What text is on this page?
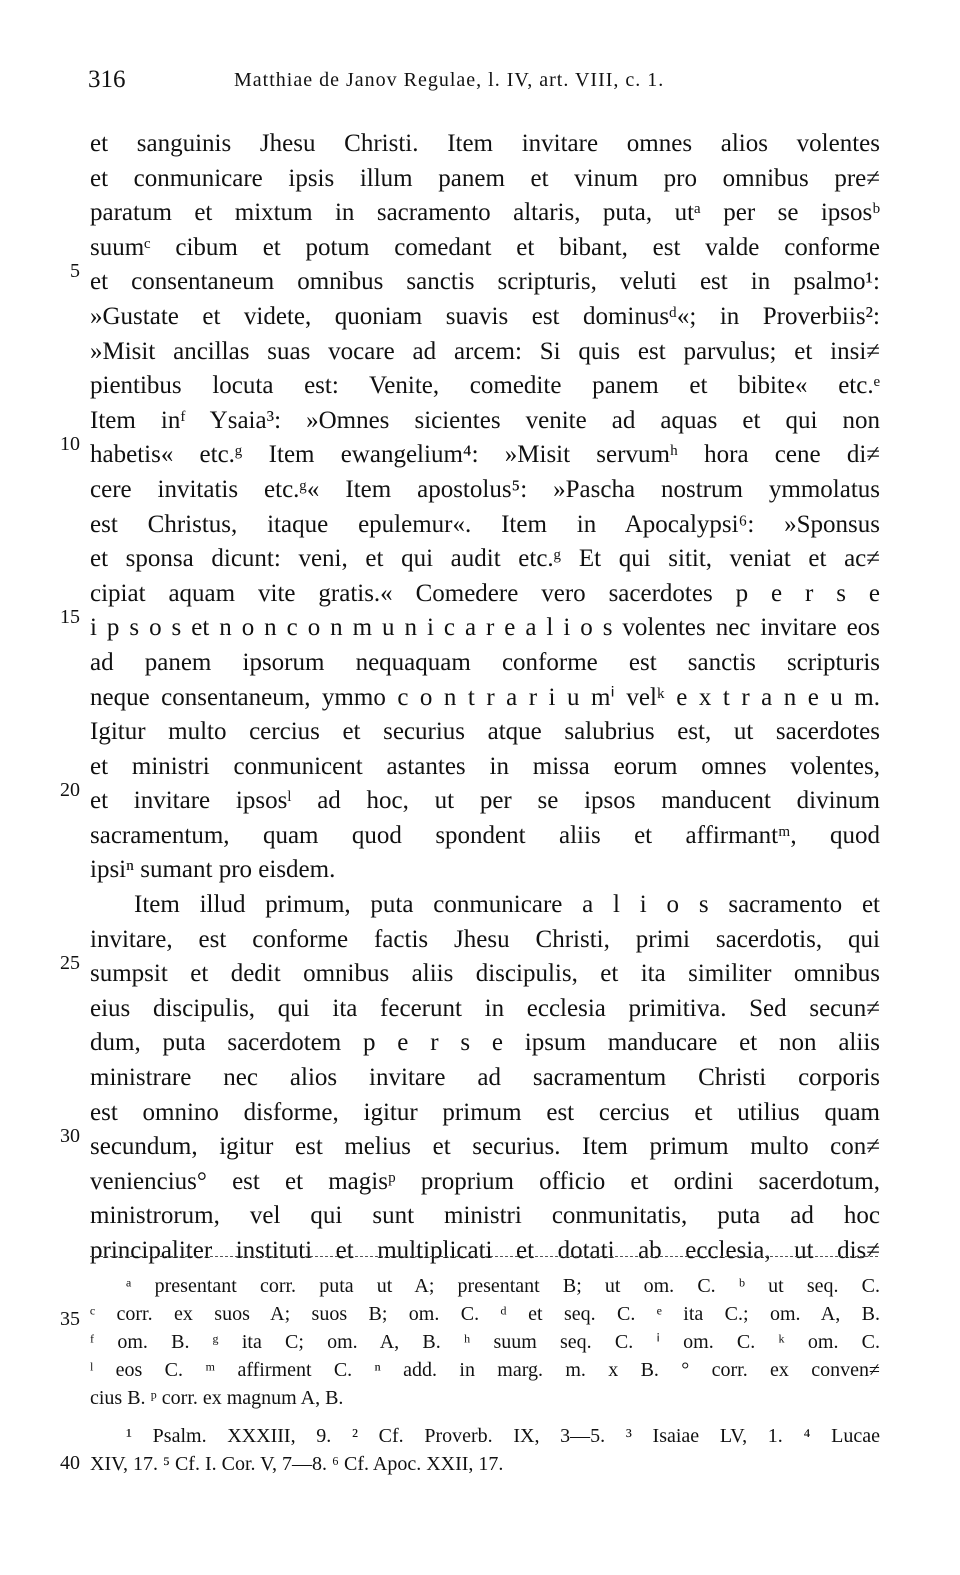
316	Matthiae de Janov Regulae, l. IV, art. VIII, c. 1.
5
10
15
20
25
30
35
40
et sanguinis Jhesu Christi. Item invitare omnes alios volentes
et conmunicare ipsis illum panem et vinum pro omnibus pre≠
paratum et mixtum in sacramento altaris, puta, utᵃ per se ipsosᵇ
suumᶜ cibum et potum comedant et bibant, est valde conforme
et consentaneum omnibus sanctis scripturis, veluti est in psalmo¹:
»Gustate et videte, quoniam suavis est dominusᵈ«; in Proverbiis²:
»Misit ancillas suas vocare ad arcem: Si quis est parvulus; et insi≠
pientibus locuta est: Venite, comedite panem et bibite« etc.ᵉ
Item inᶠ Ysaia³: »Omnes sicientes venite ad aquas et qui non
habetis« etc.ᵍ Item ewangelium⁴: »Misit servumʰ hora cene di≠
cere invitatis etc.ᵍ« Item apostolus⁵: »Pascha nostrum ymmolatus
est Christus, itaque epulemur«. Item in Apocalypsi⁶: »Sponsus
et sponsa dicunt: veni, et qui audit etc.ᵍ Et qui sitit, veniat et ac≠
cipiat aquam vite gratis.« Comedere vero sacerdotes p e r s e
i p s o s et n o n c o n m u n i c a r e a l i o s volentes nec invitare eos
ad panem ipsorum nequaquam conforme est sanctis scripturis
neque consentaneum, ymmo c o n t r a r i u mⁱ velᵏ e x t r a n e u m.
Igitur multo cercius et securius atque salubrius est, ut sacerdotes
et ministri conmunicent astantes in missa eorum omnes volentes,
et invitare ipsosˡ ad hoc, ut per se ipsos manducent divinum
sacramentum, quam quod spondent aliis et affirmantᵐ, quod
ipsiⁿ sumant pro eisdem.
Item illud primum, puta conmunicare a l i o s sacramento et
invitare, est conforme factis Jhesu Christi, primi sacerdotis, qui
sumpsit et dedit omnibus aliis discipulis, et ita similiter omnibus
eius discipulis, qui ita fecerunt in ecclesia primitiva. Sed secun≠
dum, puta sacerdotem p e r s e ipsum manducare et non aliis
ministrare nec alios invitare ad sacramentum Christi corporis
est omnino disforme, igitur primum est cercius et utilius quam
secundum, igitur est melius et securius. Item primum multo con≠
veniencius° est et magisᵖ proprium officio et ordini sacerdotum,
ministrorum, vel qui sunt ministri conmunitatis, puta ad hoc
principaliter instituti et multiplicati et dotati ab ecclesia, ut dis≠
ᵃ presentant corr. puta ut A; presentant B; ut om. C. ᵇ ut seq. C.
ᶜ corr. ex suos A; suos B; om. C. ᵈ et seq. C. ᵉ ita C.; om. A, B.
ᶠ om. B. ᵍ ita C; om. A, B. ʰ suum seq. C. ⁱ om. C. ᵏ om. C.
ˡ eos C. ᵐ affirment C. ⁿ add. in marg. m. x B. ° corr. ex conven≠
cius B. ᵖ corr. ex magnum A, B.
¹ Psalm. XXXIII, 9. ² Cf. Proverb. IX, 3—5. ³ Isaiae LV, 1. ⁴ Lucae
XIV, 17. ⁵ Cf. I. Cor. V, 7—8. ⁶ Cf. Apoc. XXII, 17.
